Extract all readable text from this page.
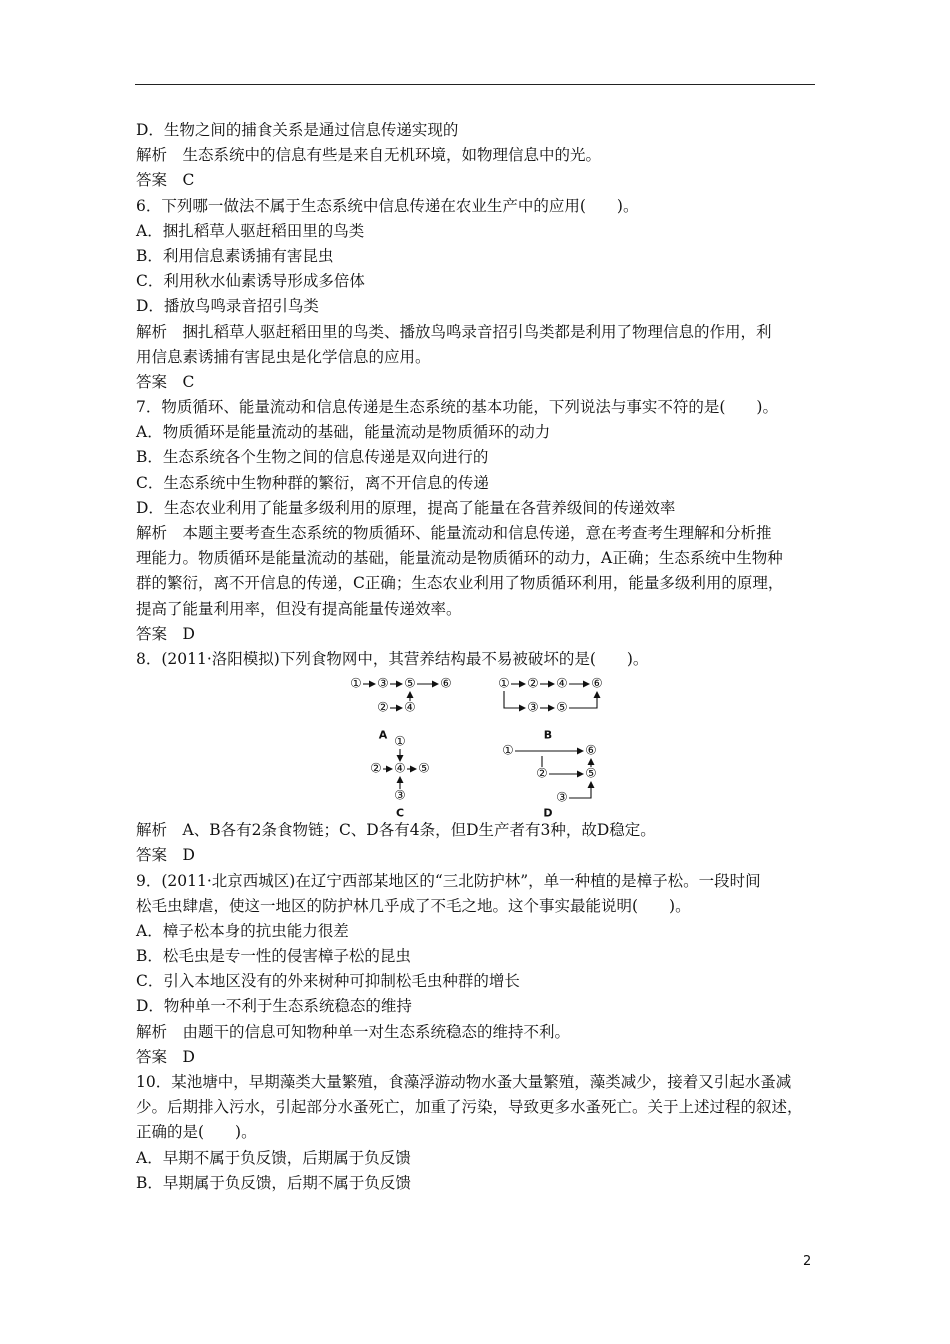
D．生物之间的捕食关系是通过信息传递实现的
解析　生态系统中的信息有些是来自无机环境，如物理信息中的光。
答案　C
6．下列哪一做法不属于生态系统中信息传递在农业生产中的应用(　　)。
A．捆扎稻草人驱赶稻田里的鸟类
B．利用信息素诱捕有害昆虫
C．利用秋水仙素诱导形成多倍体
D．播放鸟鸣录音招引鸟类
解析　捆扎稻草人驱赶稻田里的鸟类、播放鸟鸣录音招引鸟类都是利用了物理信息的作用，利
用信息素诱捕有害昆虫是化学信息的应用。
答案　C
7．物质循环、能量流动和信息传递是生态系统的基本功能，下列说法与事实不符的是(　　)。
A．物质循环是能量流动的基础，能量流动是物质循环的动力
B．生态系统各个生物之间的信息传递是双向进行的
C．生态系统中生物种群的繁衍，离不开信息的传递
D．生态农业利用了能量多级利用的原理，提高了能量在各营养级间的传递效率
解析　本题主要考查生态系统的物质循环、能量流动和信息传递，意在考查考生理解和分析推
理能力。物质循环是能量流动的基础，能量流动是物质循环的动力，A正确；生态系统中生物种
群的繁衍，离不开信息的传递，C正确；生态农业利用了物质循环利用，能量多级利用的原理，
提高了能量利用率，但没有提高能量传递效率。
答案　D
8．(2011·洛阳模拟)下列食物网中，其营养结构最不易被破坏的是(　　)。
① ③ ⑤ ⑥
② ④
A
① ② ④ ⑥
③ ⑤
B
①
② ④ ⑤
③
C
①	⑥
②	⑤
③
D
解析　A、B各有2条食物链；C、D各有4条，但D生产者有3种，故D稳定。
答案　D
9．(2011·北京西城区)在辽宁西部某地区的“三北防护林”，单一种植的是樟子松。一段时间
松毛虫肆虐，使这一地区的防护林几乎成了不毛之地。这个事实最能说明(　　)。
A．樟子松本身的抗虫能力很差
B．松毛虫是专一性的侵害樟子松的昆虫
C．引入本地区没有的外来树种可抑制松毛虫种群的增长
D．物种单一不利于生态系统稳态的维持
解析　由题干的信息可知物种单一对生态系统稳态的维持不利。
答案　D
10．某池塘中，早期藻类大量繁殖，食藻浮游动物水蚤大量繁殖，藻类减少，接着又引起水蚤减
少。后期排入污水，引起部分水蚤死亡，加重了污染，导致更多水蚤死亡。关于上述过程的叙述，
正确的是(　　)。
A．早期不属于负反馈，后期属于负反馈
B．早期属于负反馈，后期不属于负反馈
2
